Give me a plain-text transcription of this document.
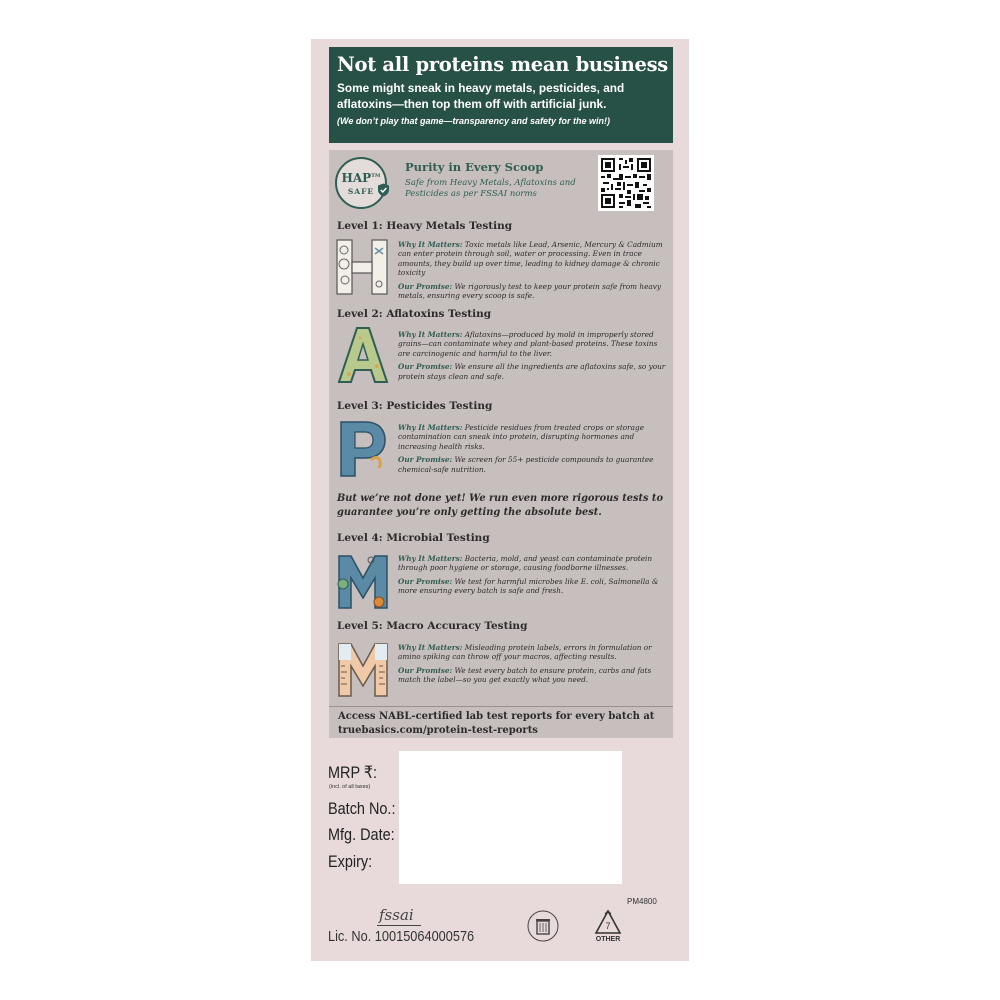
Not all proteins mean business
Some might sneak in heavy metals, pesticides, and
aflatoxins—then top them off with artificial junk.
(We don’t play that game—transparency and safety for the win!)
HAP™
SAFE
Purity in Every Scoop
Safe from Heavy Metals, Aflatoxins and Pesticides as per FSSAI norms
Level 1: Heavy Metals Testing

Why It Matters: Toxic metals like Lead, Arsenic, Mercury & Cadmium can enter protein through soil, water or processing. Even in trace amounts, they build up over time, leading to kidney damage & chronic toxicity

Our Promise: We rigorously test to keep your protein safe from heavy metals, ensuring every scoop is safe.

Level 2: Aflatoxins Testing

Why It Matters: Aflatoxins—produced by mold in improperly stored grains—can contaminate whey and plant-based proteins. These toxins are carcinogenic and harmful to the liver.

Our Promise: We ensure all the ingredients are aflatoxins safe, so your protein stays clean and safe.

Level 3: Pesticides Testing

Why It Matters: Pesticide residues from treated crops or storage contamination can sneak into protein, disrupting hormones and increasing health risks.

Our Promise: We screen for 55+ pesticide compounds to guarantee chemical-safe nutrition.

But we’re not done yet! We run even more rigorous tests to guarantee you’re only getting the absolute best.
Level 4: Microbial Testing

Why It Matters: Bacteria, mold, and yeast can contaminate protein through poor hygiene or storage, causing foodborne illnesses.

Our Promise: We test for harmful microbes like E. coli, Salmonella & more ensuring every batch is safe and fresh.

Level 5: Macro Accuracy Testing

Why It Matters: Misleading protein labels, errors in formulation or amino spiking can throw off your macros, affecting results.

Our Promise: We test every batch to ensure protein, carbs and fats match the label—so you get exactly what you need.

Access NABL-certified lab test reports for every batch at
truebasics.com/protein-test-reports
MRP ₹:
(incl. of all taxes)
Batch No.:
Mfg. Date:
Expiry:
PM4800
fssai
Lic. No. 10015064000576
7
OTHER
